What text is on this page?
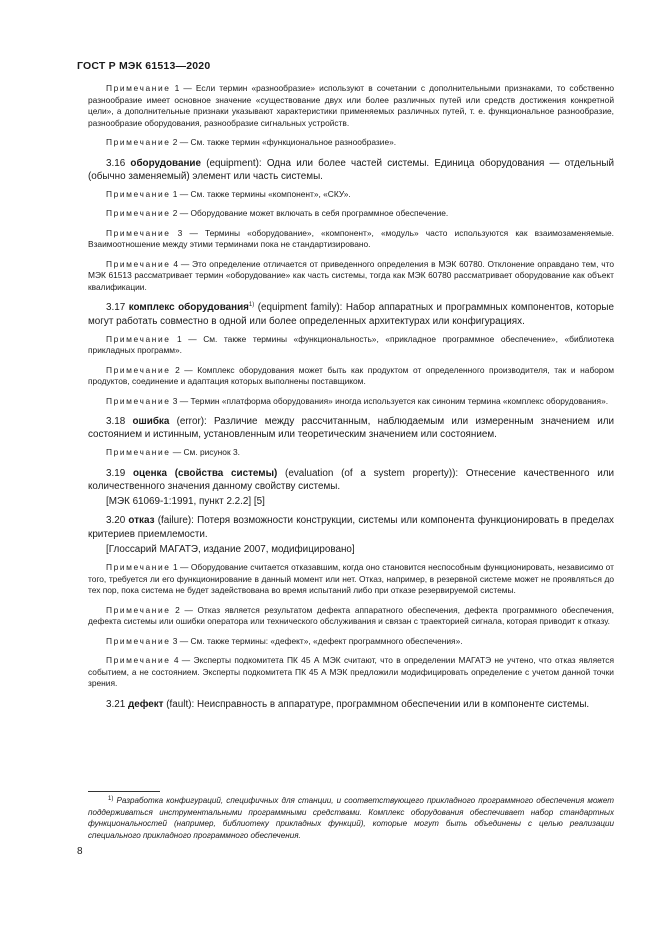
ГОСТ Р МЭК 61513—2020

Примечание 1 — Если термин «разнообразие» используют в сочетании с дополнительными признаками, то собственно разнообразие имеет основное значение «существование двух или более различных путей или средств достижения конкретной цели», а дополнительные признаки указывают характеристики применяемых различных путей, т. е. функциональное разнообразие, разнообразие оборудования, разнообразие сигнальных устройств.

Примечание 2 — См. также термин «функциональное разнообразие».

3.16 оборудование (equipment): Одна или более частей системы. Единица оборудования — отдельный (обычно заменяемый) элемент или часть системы.

Примечание 1 — См. также термины «компонент», «СКУ».

Примечание 2 — Оборудование может включать в себя программное обеспечение.

Примечание 3 — Термины «оборудование», «компонент», «модуль» часто используются как взаимозаменяемые. Взаимоотношение между этими терминами пока не стандартизировано.

Примечание 4 — Это определение отличается от приведенного определения в МЭК 60780. Отклонение оправдано тем, что МЭК 61513 рассматривает термин «оборудование» как часть системы, тогда как МЭК 60780 рассматривает оборудование как объект квалификации.

3.17 комплекс оборудования$^{1)}$ (equipment family): Набор аппаратных и программных компонентов, которые могут работать совместно в одной или более определенных архитектурах или конфигурациях.

Примечание 1 — См. также термины «функциональность», «прикладное программное обеспечение», «библиотека прикладных программ».

Примечание 2 — Комплекс оборудования может быть как продуктом от определенного производителя, так и набором продуктов, соединение и адаптация которых выполнены поставщиком.

Примечание 3 — Термин «платформа оборудования» иногда используется как синоним термина «комплекс оборудования».

3.18 ошибка (error): Различие между рассчитанным, наблюдаемым или измеренным значением или состоянием и истинным, установленным или теоретическим значением или состоянием.

Примечание — См. рисунок 3.

3.19 оценка (свойства системы) (evaluation (of a system property)): Отнесение качественного или количественного значения данному свойству системы.

[МЭК 61069-1:1991, пункт 2.2.2] [5]

3.20 отказ (failure): Потеря возможности конструкции, системы или компонента функционировать в пределах критериев приемлемости.

[Глоссарий МАГАТЭ, издание 2007, модифицировано]

Примечание 1 — Оборудование считается отказавшим, когда оно становится неспособным функционировать, независимо от того, требуется ли его функционирование в данный момент или нет. Отказ, например, в резервной системе может не проявляться до тех пор, пока система не будет задействована во время испытаний либо при отказе резервируемой системы.

Примечание 2 — Отказ является результатом дефекта аппаратного обеспечения, дефекта программного обеспечения, дефекта системы или ошибки оператора или технического обслуживания и связан с траекторией сигнала, которая приводит к отказу.

Примечание 3 — См. также термины: «дефект», «дефект программного обеспечения».

Примечание 4 — Эксперты подкомитета ПК 45 А МЭК считают, что в определении МАГАТЭ не учтено, что отказ является событием, а не состоянием. Эксперты подкомитета ПК 45 А МЭК предложили модифицировать определение с учетом данной точки зрения.

3.21 дефект (fault): Неисправность в аппаратуре, программном обеспечении или в компоненте системы.

$^{1)}$ Разработка конфигураций, специфичных для станции, и соответствующего прикладного программного обеспечения может поддерживаться инструментальными программными средствами. Комплекс оборудования обеспечивает набор стандартных функциональностей (например, библиотеку прикладных функций), которые могут быть объединены с целью реализации специального прикладного программного обеспечения.
8
